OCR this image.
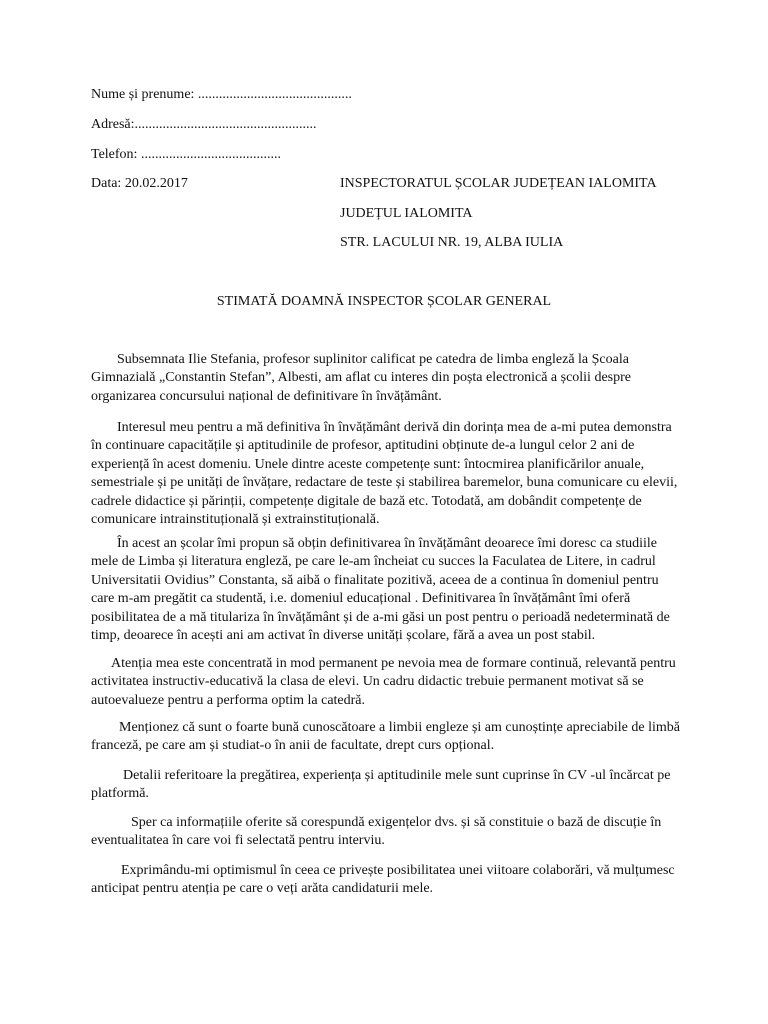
Nume și prenume: ............................................
Adresă:....................................................
Telefon: ........................................
Data: 20.02.2017	INSPECTORATUL ȘCOLAR JUDEȚEAN IALOMITA
JUDEȚUL IALOMITA
STR. LACULUI NR. 19, ALBA IULIA
STIMATĂ DOAMNĂ INSPECTOR ȘCOLAR GENERAL
Subsemnata Ilie Stefania, profesor suplinitor calificat pe catedra de limba engleză la Școala Gimnazială „Constantin Stefan”, Albesti, am aflat cu interes din poșta electronică a școlii despre organizarea concursului național de definitivare în învățământ.
Interesul meu pentru a mă definitiva în învățământ derivă din dorința mea de a-mi putea demonstra în continuare capacitățile și aptitudinile de profesor, aptitudini obținute de-a lungul celor 2 ani de experiență în acest domeniu. Unele dintre aceste competențe sunt: întocmirea planificărilor anuale, semestriale și pe unități de învățare, redactare de teste și stabilirea baremelor, buna comunicare cu elevii, cadrele didactice și părinții, competențe digitale de bază etc. Totodată, am dobândit competențe de comunicare intrainstituțională și extrainstituțională.
În acest an școlar îmi propun să obțin definitivarea în învățământ deoarece îmi doresc ca studiile mele de Limba și literatura engleză, pe care le-am încheiat cu succes la Faculatea de Litere, in cadrul Universitatii Ovidius” Constanta, să aibă o finalitate pozitivă, aceea de a continua în domeniul pentru care m-am pregătit ca studentă, i.e. domeniul educațional . Definitivarea în învățământ îmi oferă posibilitatea de a mă titulariza în învățământ și de a-mi găsi un post pentru o perioadă nedeterminată de timp, deoarece în acești ani am activat în diverse unități școlare, fără a avea un post stabil.
Atenția mea este concentrată in mod permanent pe nevoia mea de formare continuă, relevantă pentru activitatea instructiv-educativă la clasa de elevi. Un cadru didactic trebuie permanent motivat să se autoevalueze pentru a performa optim la catedră.
Menționez că sunt o foarte bună cunoscătoare a limbii engleze și am cunoștințe apreciabile de limbă franceză, pe care am și studiat-o în anii de facultate, drept curs opțional.
Detalii referitoare la pregătirea, experiența și aptitudinile mele sunt cuprinse în CV -ul încărcat pe platformă.
Sper ca informațiile oferite să corespundă exigențelor dvs. și să constituie o bază de discuție în eventualitatea în care voi fi selectată pentru interviu.
Exprimându-mi optimismul în ceea ce privește posibilitatea unei viitoare colaborări, vă mulțumesc anticipat pentru atenția pe care o veți arăta candidaturii mele.
